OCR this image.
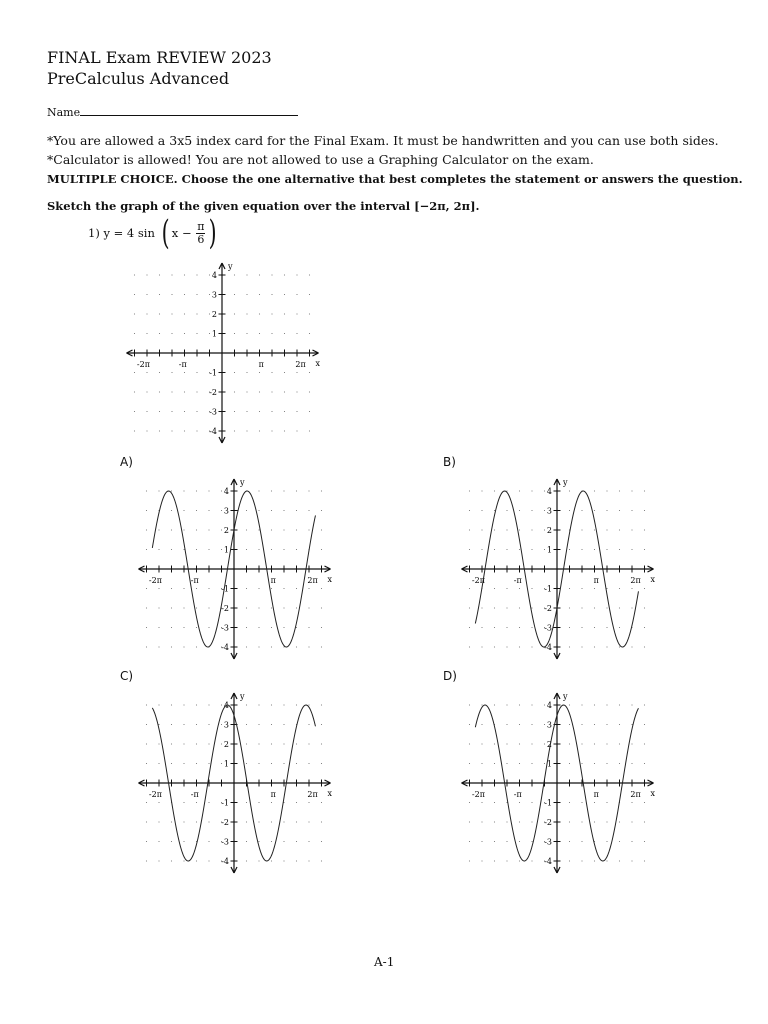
FINAL Exam REVIEW 2023
PreCalculus Advanced
Name
*You are allowed a 3x5 index card for the Final Exam. It must be handwritten and you can use both sides.
*Calculator is allowed! You are not allowed to use a Graphing Calculator on the exam.
MULTIPLE CHOICE. Choose the one alternative that best completes the statement or answers the question.
Sketch the graph of the given equation over the interval [−2π, 2π].
1)
y = 4 sin
( x −
$\frac{\pi}{6}$ )
A)	B)
C)	D)
x
y
4
3
2
1
-1
-2
-3
-4
-2π	-π	π	2π
x
y
4
3
2
1
-1
-2
-3
-4
-2π	-π	π	2π	x
y
4
3
2
1
-1
-2
-3
-4
-2π	-π	π	2π
x
y
4
3
2
1
-1
-2
-3
-4
-2π	-π	π	2π	x
y
4
3
2
1
-1
-2
-3
-4
-2π	-π	π	2π
A-1
